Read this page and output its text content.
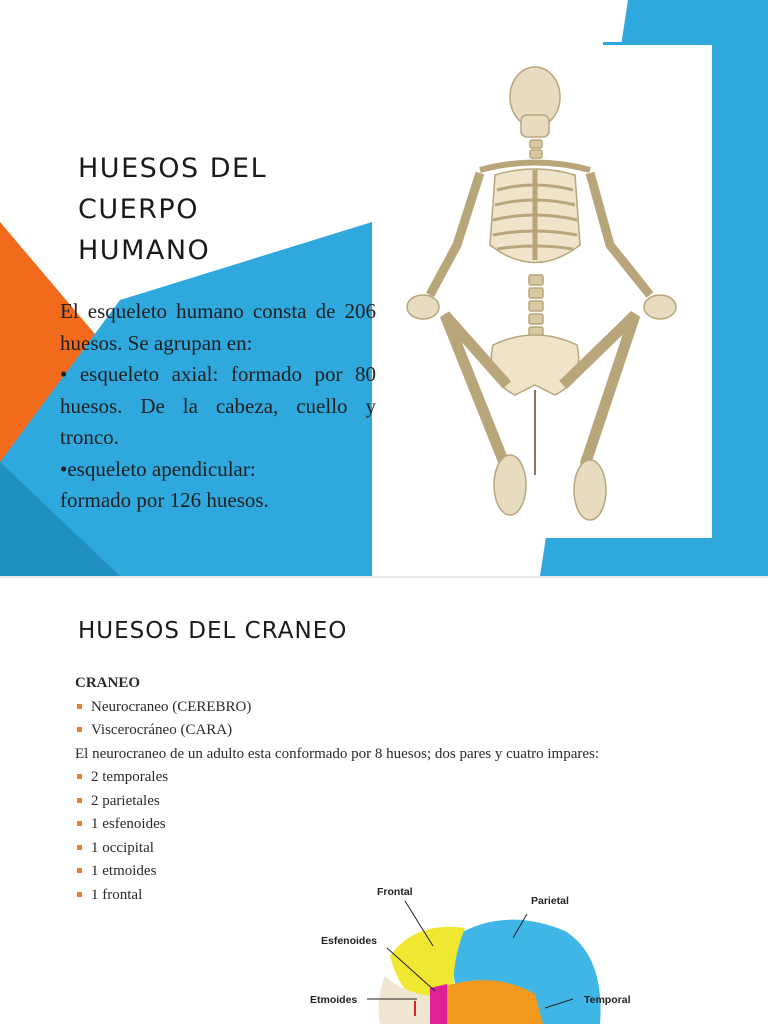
HUESOS DEL
CUERPO
HUMANO

El esqueleto humano consta de 206 huesos. Se agrupan en:

• esqueleto axial: formado por 80 huesos. De la cabeza, cuello y tronco.

•esqueleto apendicular:

formado por 126 huesos.

HUESOS DEL CRANEO

CRANEO

Neurocraneo (CEREBRO)
Viscerocráneo (CARA)

El neurocraneo de un adulto esta conformado por 8 huesos; dos pares y cuatro impares:

2 temporales
2 parietales
1 esfenoides
1 occipital
1 etmoides
1 frontal	Frontal
Parietal
Esfenoides
Etmoides	Temporal
